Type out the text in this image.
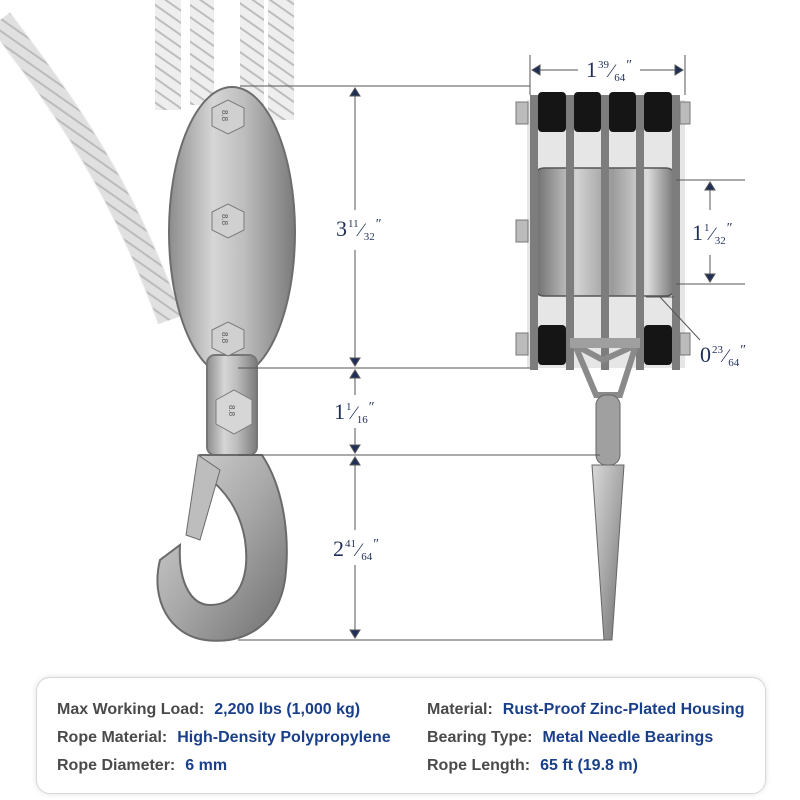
$1^{39}⁄64''$
$3^{11}⁄32''$	$1^1⁄32''$
$0^{23}⁄64''$
$1^1⁄16''$
$2^{41}⁄64''$
8.8
8.8
8.8
8.8
Max Working Load: 2,200 lbs (1,000 kg)	Material: Rust-Proof Zinc-Plated Housing
Rope Material: High-Density Polypropylene Bearing Type: Metal Needle Bearings
Rope Diameter: 6 mm	Rope Length: 65 ft (19.8 m)
